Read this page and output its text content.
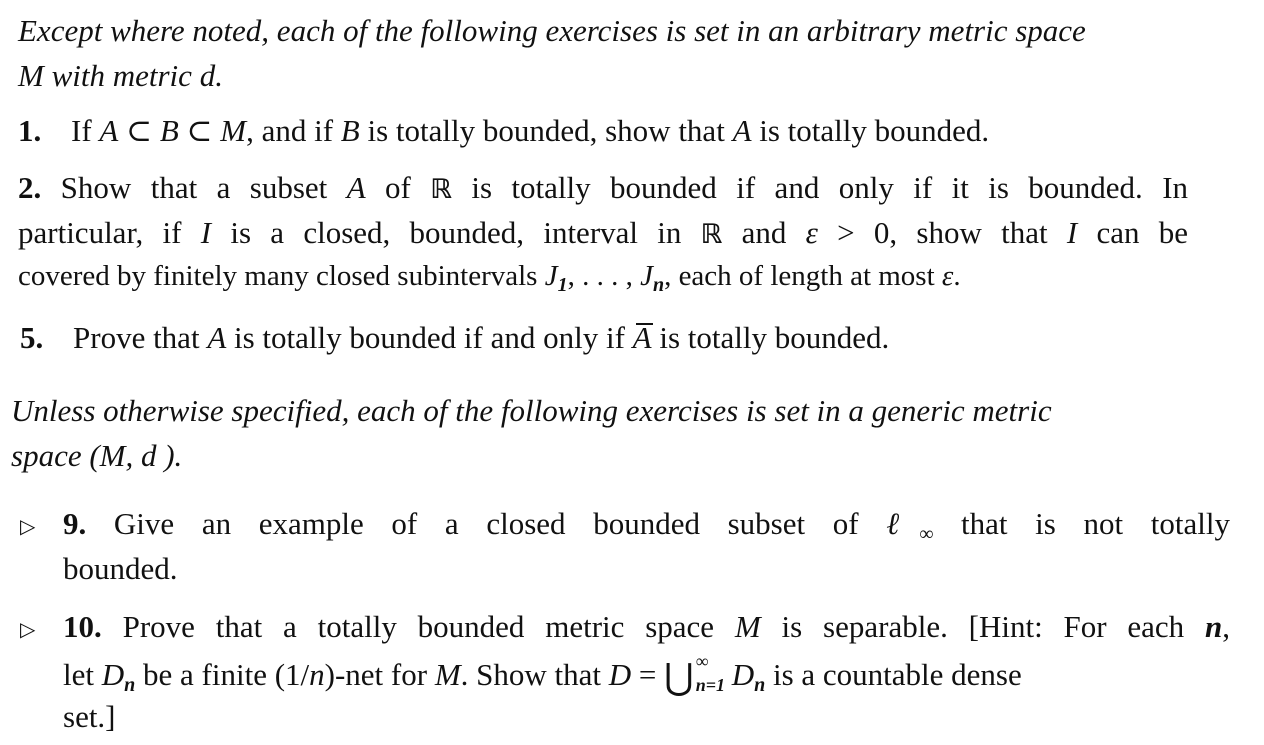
Except where noted, each of the following exercises is set in an arbitrary metric space
M with metric d.
1. If A ⊂ B ⊂ M, and if B is totally bounded, show that A is totally bounded.
2. Show that a subset A of ℝ is totally bounded if and only if it is bounded. In
particular, if I is a closed, bounded, interval in ℝ and ε > 0, show that I can be
covered by finitely many closed subintervals $J_1$, . . . , $J_n$, each of length at most ε.
5. Prove that A is totally bounded if and only if A
is totally bounded.
Unless otherwise specified, each of the following exercises is set in a generic metric
space (M, d ).
▷ 9. Give an example of a closed bounded subset of ℓ$_\infty$ that is not totally
bounded.
▷ 10. Prove that a totally bounded metric space M is separable. [Hint: For each n,
let $D_n$ be a finite (1/n)-net for M. Show that D = ⋃ ∞
n=1 $D_n$ is a countable dense
set.]
